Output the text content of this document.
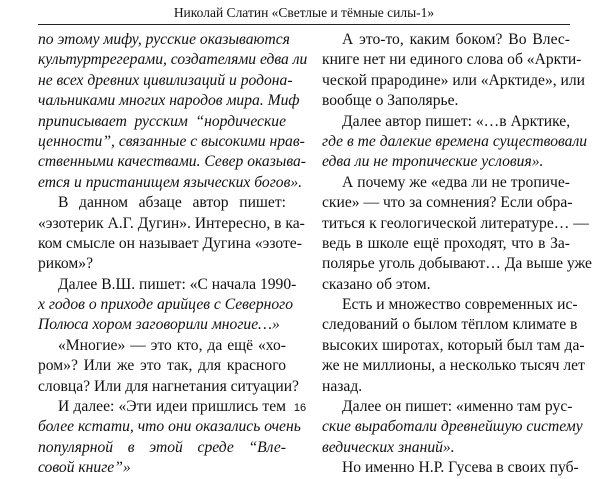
Николай Слатин «Светлые и тёмные силы-1»
по этому мифу, русские оказываются
культуртрегерами, создателями едва ли
не всех древних цивилизаций и родона-
чальниками многих народов мира. Миф
приписывает русским “нордические
ценности”, связанные с высокими нрав-
ственными качествами. Север оказыва-
ется и пристанищем языческих богов».
В данном абзаце автор пишет:
«эзотерик А.Г. Дугин». Интересно, в ка-
ком смысле он называет Дугина «эзоте-
риком»?
Далее В.Ш. пишет: «С начала 1990-
х годов о приходе арийцев с Северного
Полюса хором заговорили многие…»
«Многие» — это кто, да ещё «хо-
ром»? Или же это так, для красного
словца? Или для нагнетания ситуации?
И далее: «Эти идеи пришлись тем
более кстати, что они оказались очень
популярной в этой среде “Вле-
совой книге”»
А это-то, каким боком? Во Влес-
книге нет ни единого слова об «Аркти-
ческой прародине» или «Арктиде», или
вообще о Заполярье.
Далее автор пишет: «…в Арктике,
где в те далекие времена существовали
едва ли не тропические условия».
А почему же «едва ли не тропиче-
ские» — что за сомнения? Если обра-
титься к геологической литературе… —
ведь в школе ещё проходят, что в За-
полярье уголь добывают… Да выше уже
сказано об этом.
Есть и множество современных ис-
следований о былом тёплом климате в
высоких широтах, который был там да-
же не миллионы, а несколько тысяч лет
назад.
Далее он пишет: «именно там рус-
ские выработали древнейшую систему
ведических знаний».
Но именно Н.Р. Гусева в своих пуб-
16
